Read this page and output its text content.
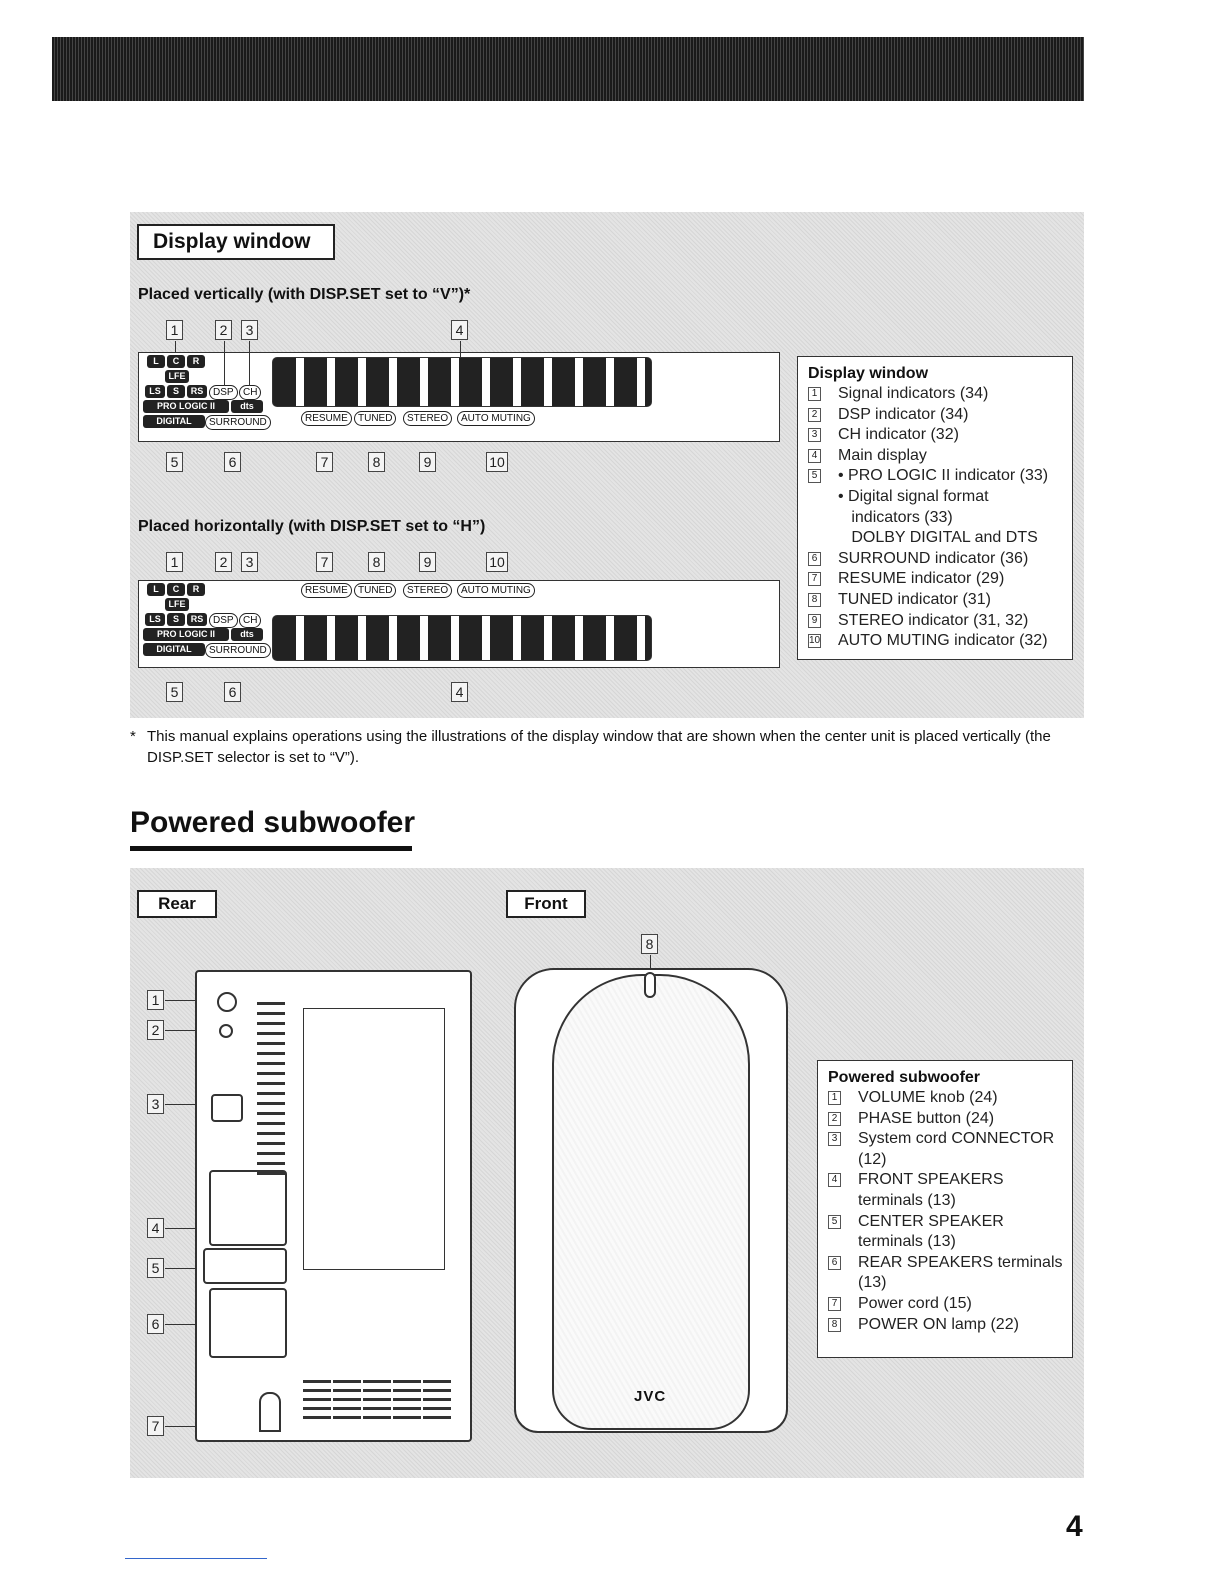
Display window
Placed vertically (with DISP.SET set to “V”)*
1	2	3	4
L	C	R
LFE
LS	S	RS DSP CH
PRO LOGIC II	dts
DIGITAL	SURROUND	RESUME	TUNED	STEREO	AUTO MUTING
5	6	7	8	9	10
Placed horizontally (with DISP.SET set to “H”)
1	2	3	7	8	9	10
L	C	R
LFE
LS	S	RS DSP CH
PRO LOGIC II	dts
DIGITAL	SURROUND
RESUME	TUNED	STEREO	AUTO MUTING
5	6	4
Display window
1 Signal indicators (34)
2 DSP indicator (34)
3 CH indicator (32)
4 Main display
5 • PRO LOGIC II indicator (33)
• Digital signal format
indicators (33)
DOLBY DIGITAL and DTS
6 SURROUND indicator (36)
7 RESUME indicator (29)
8 TUNED indicator (31)
9 STEREO indicator (31, 32)
10 AUTO MUTING indicator (32)
* This manual explains operations using the illustrations of the display window that are shown when the center unit is placed vertically (the DISP.SET selector is set to “V”).
Powered subwoofer
Rear	Front
1
2
3
4
5
6
7
8
Powered subwoofer
1 VOLUME knob (24)
2 PHASE button (24)
3 System cord CONNECTOR
(12)
4 FRONT SPEAKERS
terminals (13)
5 CENTER SPEAKER
terminals (13)
6 REAR SPEAKERS terminals
(13)
7 Power cord (15)
8 POWER ON lamp (22)
JVC
4
